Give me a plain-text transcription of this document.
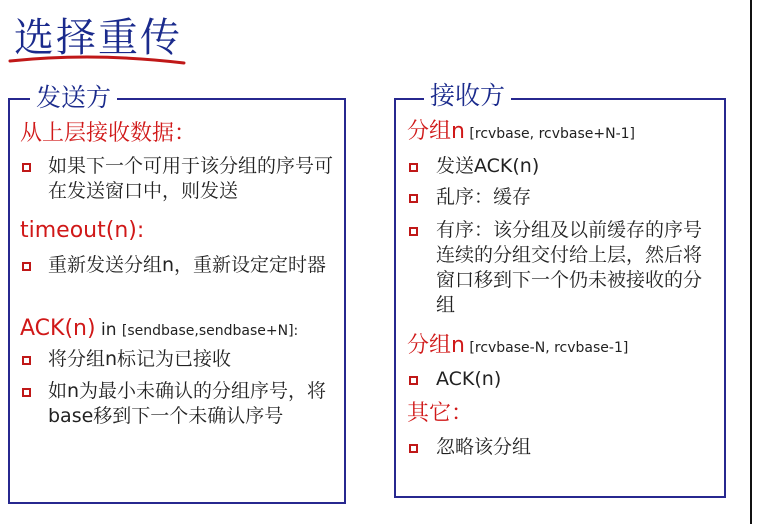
选择重传
发送方
从上层接收数据：
如果下一个可用于该分组的序号可在发送窗口中，则发送
timeout(n):
重新发送分组n，重新设定定时器
ACK(n) in [sendbase,sendbase+N]:
将分组n标记为已接收
如n为最小未确认的分组序号，将base移到下一个未确认序号
接收方
分组n [rcvbase, rcvbase+N-1]
发送ACK(n)
乱序：缓存
有序：该分组及以前缓存的序号连续的分组交付给上层，然后将窗口移到下一个仍未被接收的分组
分组n [rcvbase-N, rcvbase-1]
ACK(n)
其它：
忽略该分组
